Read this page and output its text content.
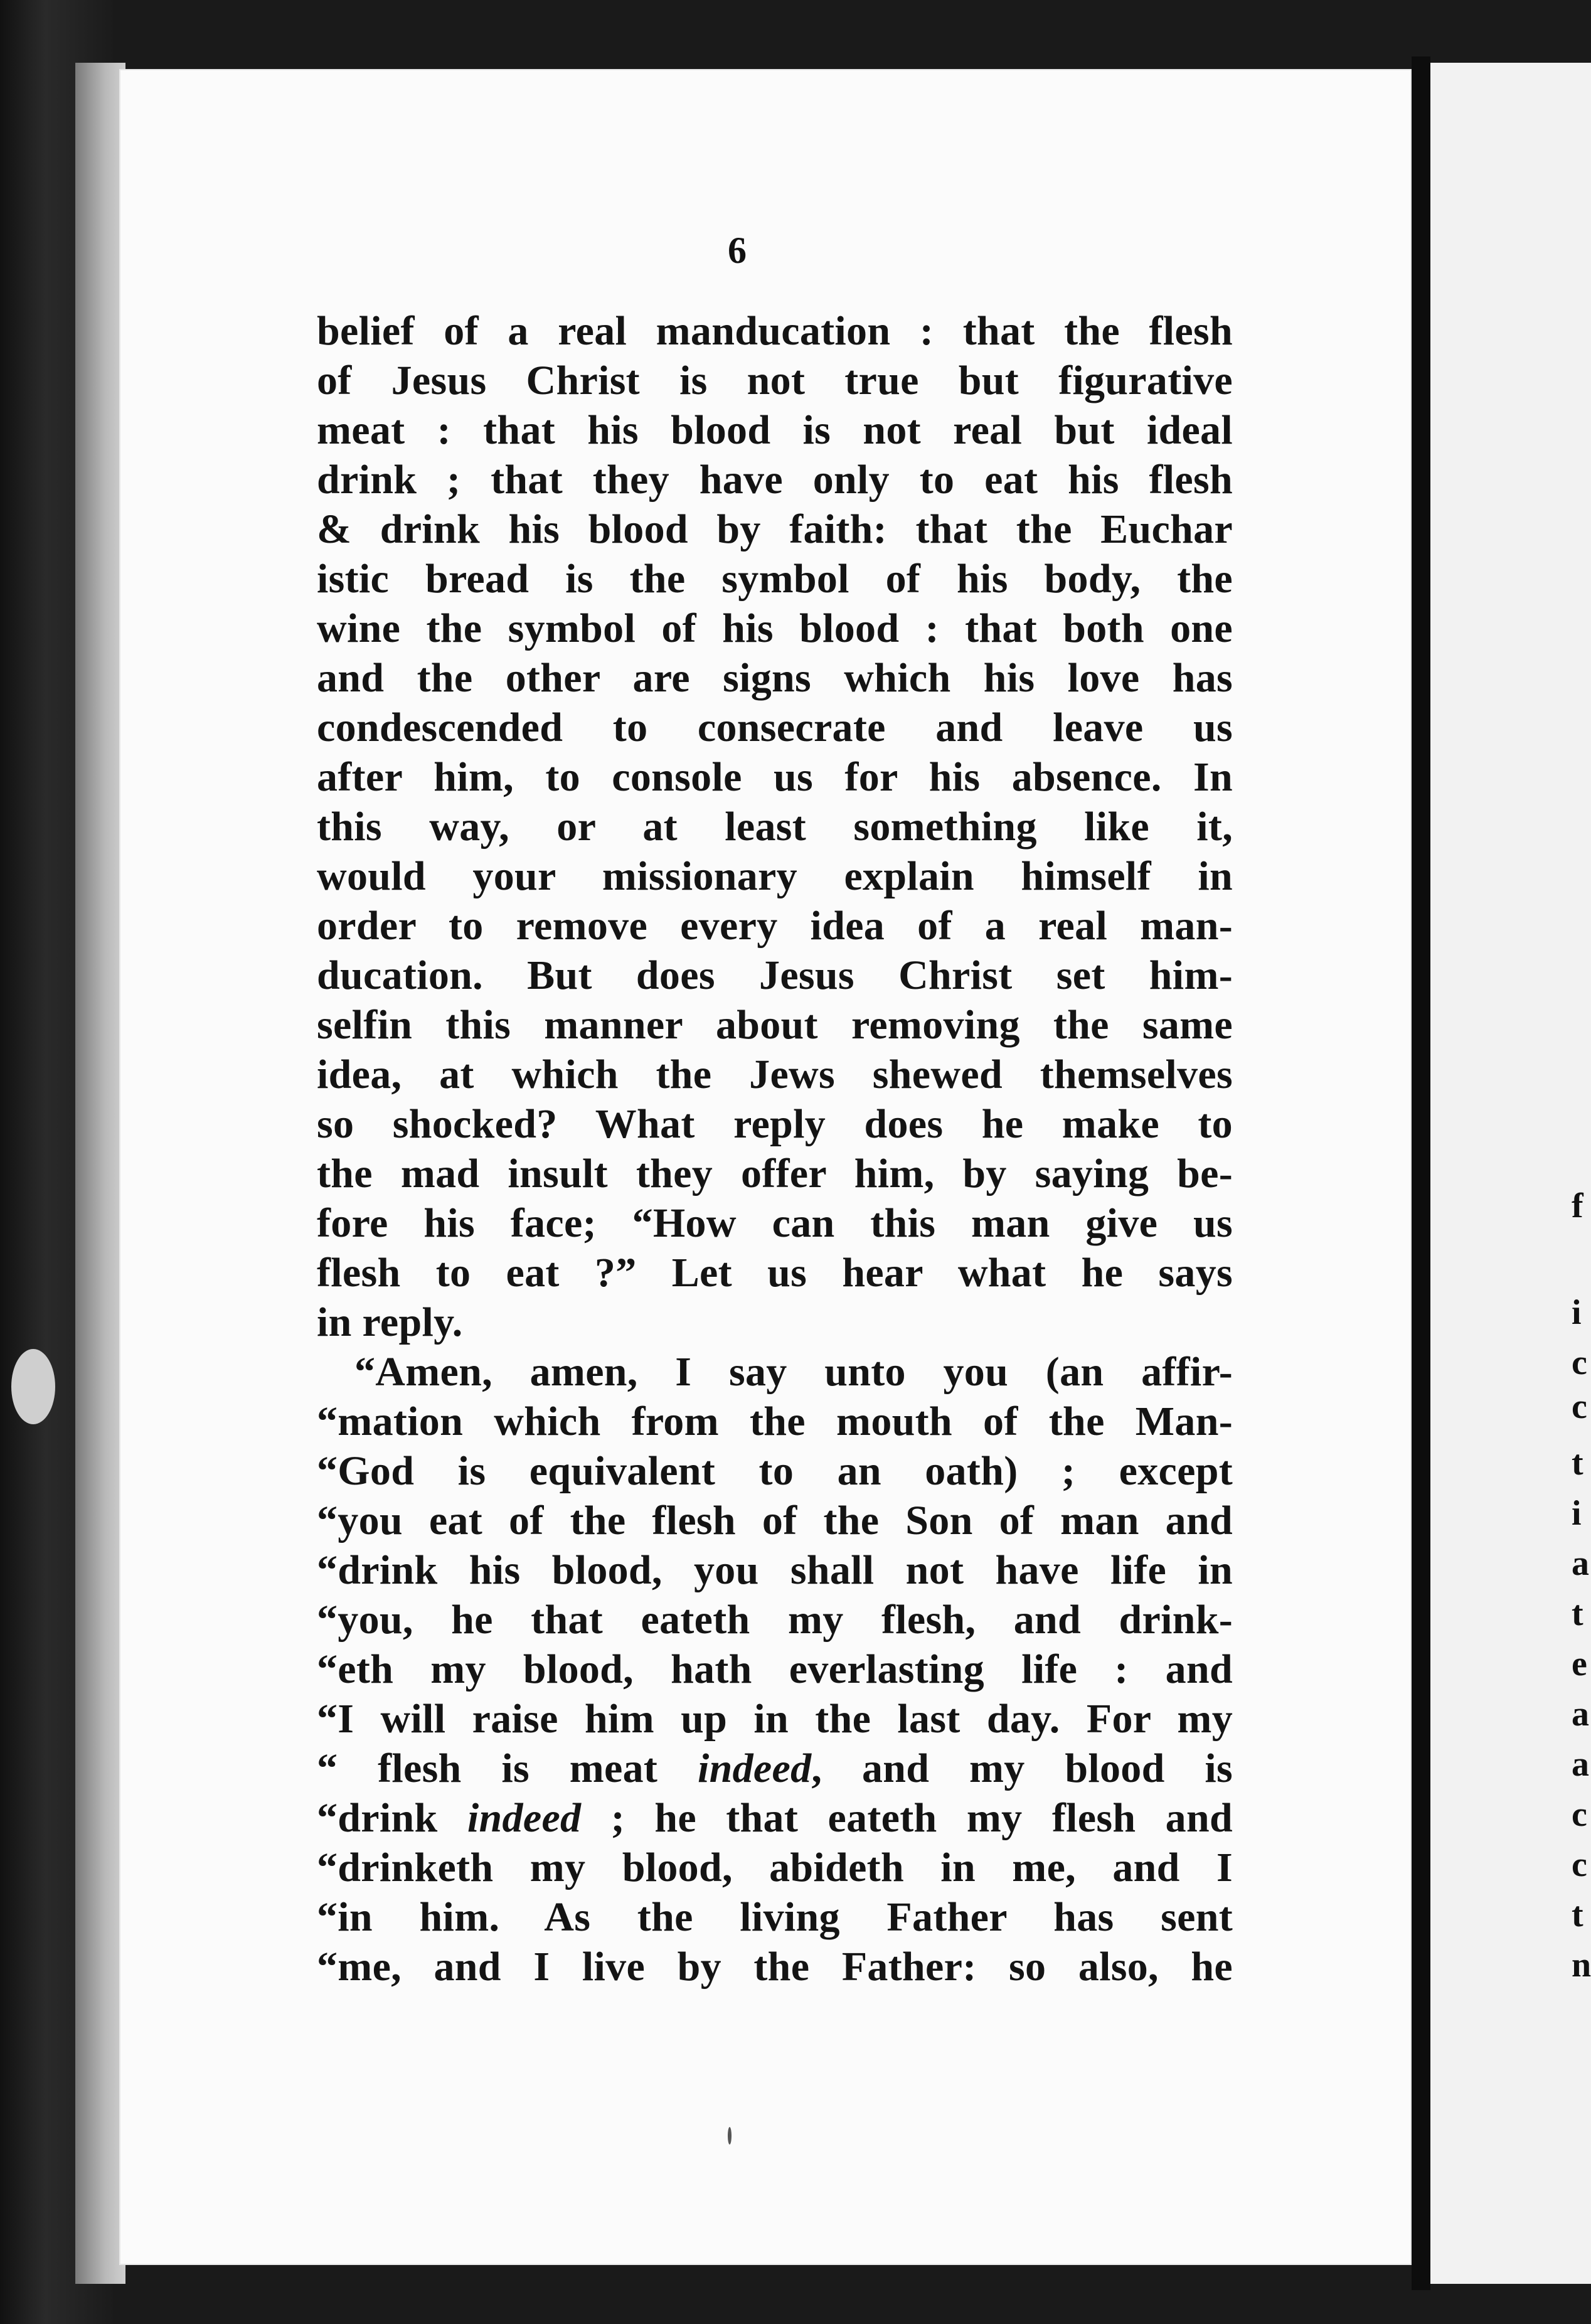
6
belief of a real manducation : that the flesh
of Jesus Christ is not true but figurative
meat : that his blood is not real but ideal
drink ; that they have only to eat his flesh
& drink his blood by faith: that the Euchar
istic bread is the symbol of his body, the
wine the symbol of his blood : that both one
and the other are signs which his love has
condescended to consecrate and leave us
after him, to console us for his absence. In
this way, or at least something like it,
would your missionary explain himself in
order to remove every idea of a real man-
ducation. But does Jesus Christ set him-
selfin this manner about removing the same
idea, at which the Jews shewed themselves
so shocked? What reply does he make to
the mad insult they offer him, by saying be-
fore his face; “How can this man give us
flesh to eat ?” Let us hear what he says
in reply.
“Amen, amen, I say unto you (an affir-
“mation which from the mouth of the Man-
“God is equivalent to an oath) ; except
“you eat of the flesh of the Son of man and
“drink his blood, you shall not have life in
“you, he that eateth my flesh, and drink-
“eth my blood, hath everlasting life : and
“I will raise him up in the last day. For my
“ flesh is meat indeed, and my blood is
“drink indeed ; he that eateth my flesh and
“drinketh my blood, abideth in me, and I
“in him. As the living Father has sent
“me, and I live by the Father: so also, he
f
i
c
c
t
i
a
t
e
a
a
c
c
t
n
